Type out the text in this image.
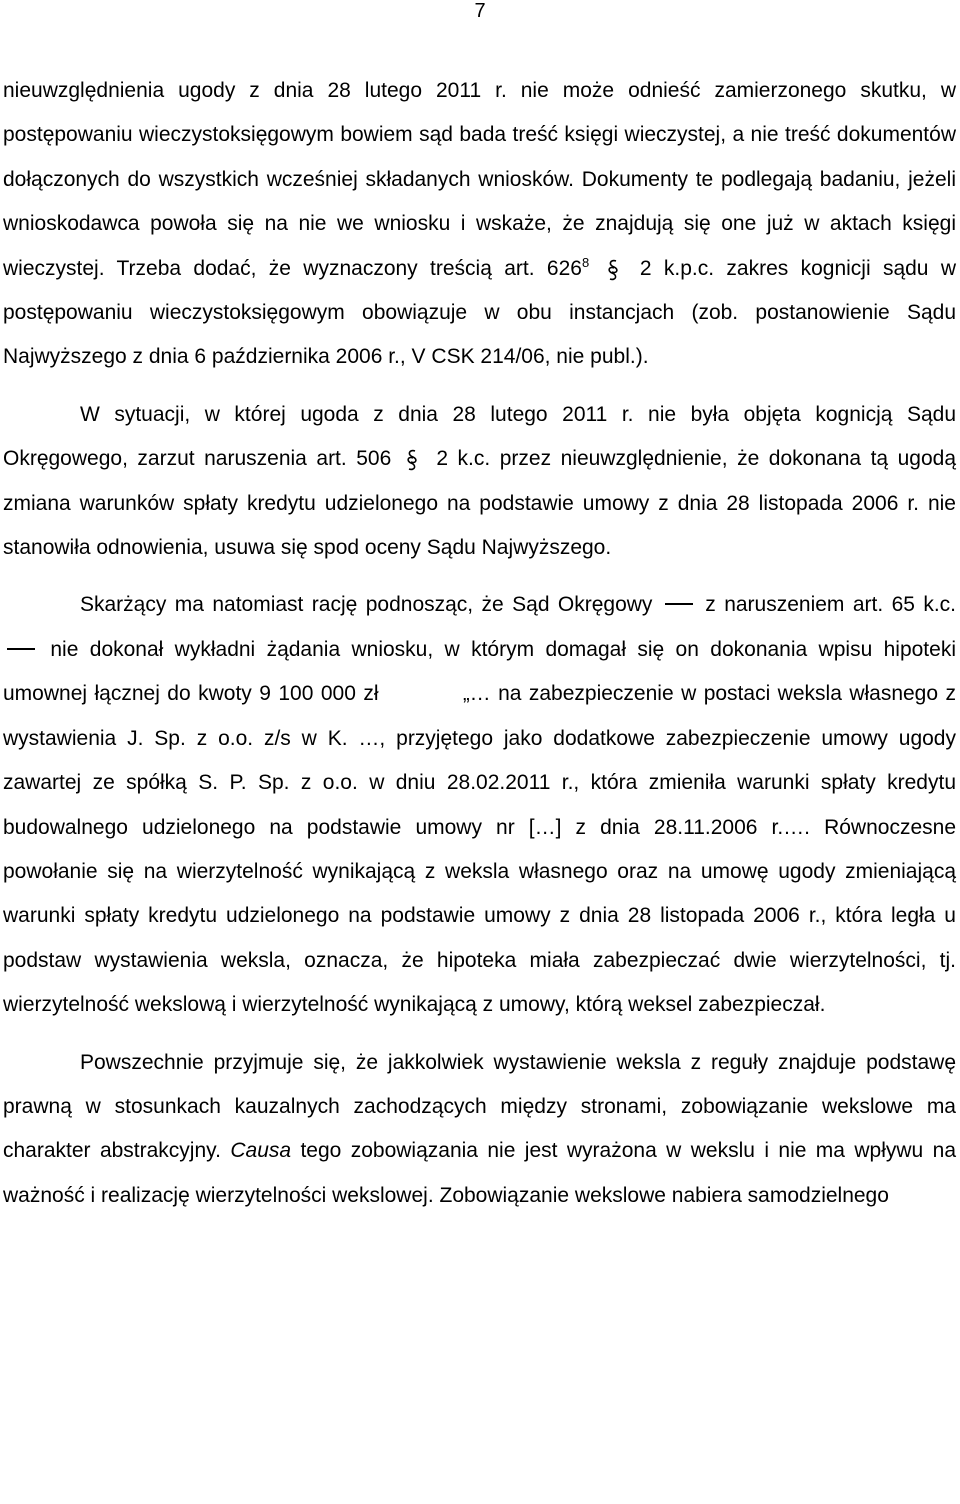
7

nieuwzględnienia ugody z dnia 28 lutego 2011 r. nie może odnieść zamierzonego skutku, w postępowaniu wieczystoksięgowym bowiem sąd bada treść księgi wieczystej, a nie treść dokumentów dołączonych do wszystkich wcześniej składanych wniosków. Dokumenty te podlegają badaniu, jeżeli wnioskodawca powoła się na nie we wniosku i wskaże, że znajdują się one już w aktach księgi wieczystej. Trzeba dodać, że wyznaczony treścią art. $626^8$ 2 k.p.c. zakres kognicji sądu w postępowaniu wieczystoksięgowym obowiązuje w obu instancjach (zob. postanowienie Sądu Najwyższego z dnia 6 października 2006 r., V CSK 214/06, nie publ.).

W sytuacji, w której ugoda z dnia 28 lutego 2011 r. nie była objęta kognicją Sądu Okręgowego, zarzut naruszenia art. 506 2 k.c. przez nieuwzględnienie, że dokonana tą ugodą zmiana warunków spłaty kredytu udzielonego na podstawie umowy z dnia 28 listopada 2006 r. nie stanowiła odnowienia, usuwa się spod oceny Sądu Najwyższego.

Skarżący ma natomiast rację podnosząc, że Sąd Okręgowy	z naruszeniem art. 65 k.c.  nie dokonał wykładni żądania wniosku, w którym domagał się on dokonania wpisu hipoteki umownej łącznej do kwoty 9 100 000 zł	„… na zabezpieczenie w postaci weksla własnego z wystawienia J. Sp. z o.o. z/s w K. …, przyjętego jako dodatkowe zabezpieczenie umowy ugody zawartej ze spółką S. P. Sp. z o.o. w dniu 28.02.2011 r., która zmieniła warunki spłaty kredytu budowalnego udzielonego na podstawie umowy nr […] z dnia 28.11.2006 r.…. Równoczesne powołanie się na wierzytelność wynikającą z weksla własnego oraz na umowę ugody zmieniającą warunki spłaty kredytu udzielonego na podstawie umowy z dnia 28 listopada 2006 r., która legła u podstaw wystawienia weksla, oznacza, że hipoteka miała zabezpieczać dwie wierzytelności, tj. wierzytelność wekslową i wierzytelność wynikającą z umowy, którą weksel zabezpieczał.

Powszechnie przyjmuje się, że jakkolwiek wystawienie weksla z reguły znajduje podstawę prawną w stosunkach kauzalnych zachodzących między stronami, zobowiązanie wekslowe ma charakter abstrakcyjny. Causa tego zobowiązania nie jest wyrażona w wekslu i nie ma wpływu na ważność i realizację wierzytelności wekslowej. Zobowiązanie wekslowe nabiera samodzielnego
